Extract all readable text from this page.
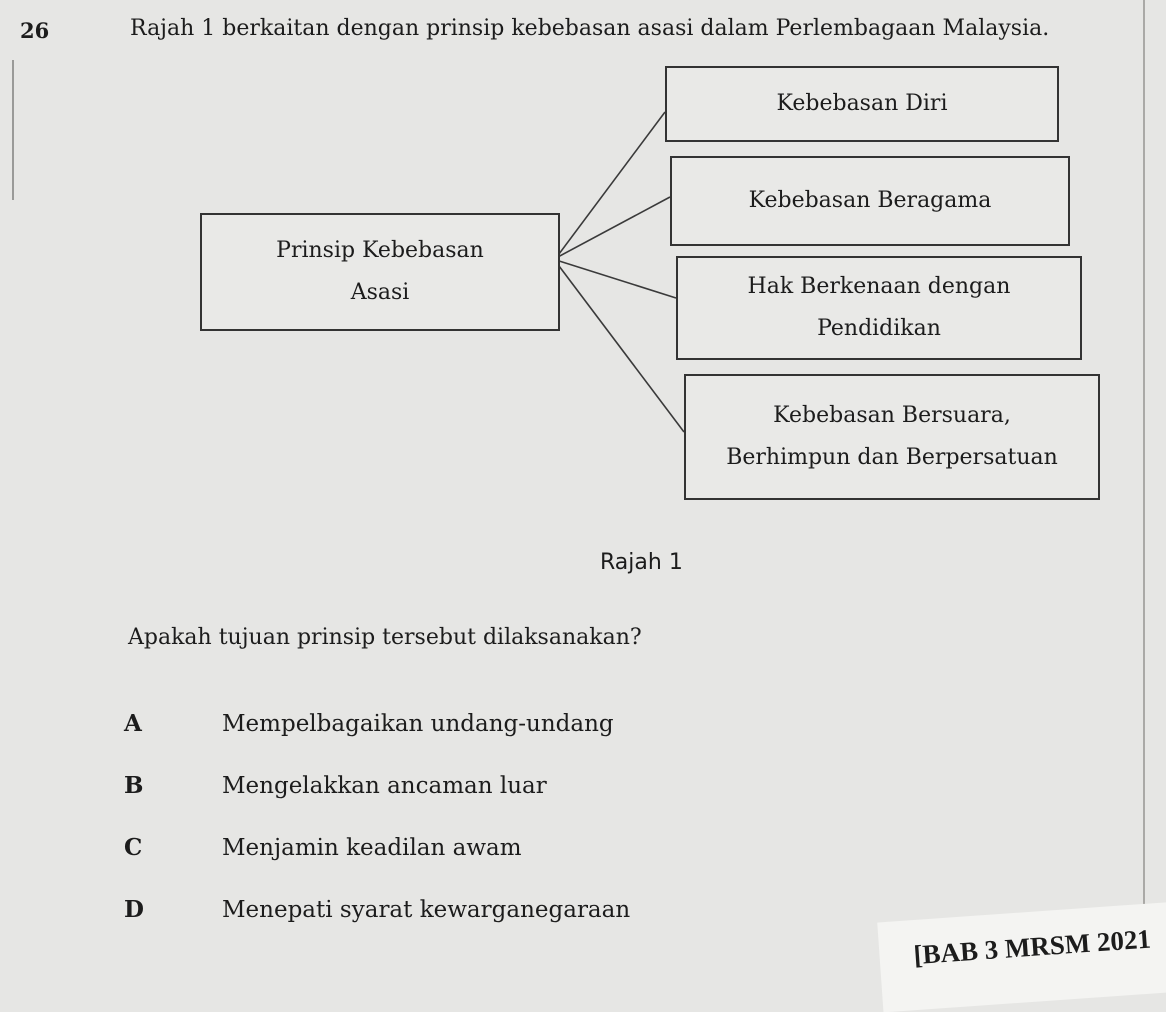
26	Rajah 1 berkaitan dengan prinsip kebebasan asasi dalam Perlembagaan Malaysia.
Prinsip Kebebasan
Asasi
Kebebasan Diri
Kebebasan Beragama
Hak Berkenaan dengan
Pendidikan
Kebebasan Bersuara,
Berhimpun dan Berpersatuan
Rajah 1
Apakah tujuan prinsip tersebut dilaksanakan?
A	Mempelbagaikan undang-undang
B	Mengelakkan ancaman luar
C	Menjamin keadilan awam
D	Menepati syarat kewarganegaraan
[BAB 3 MRSM 2021
